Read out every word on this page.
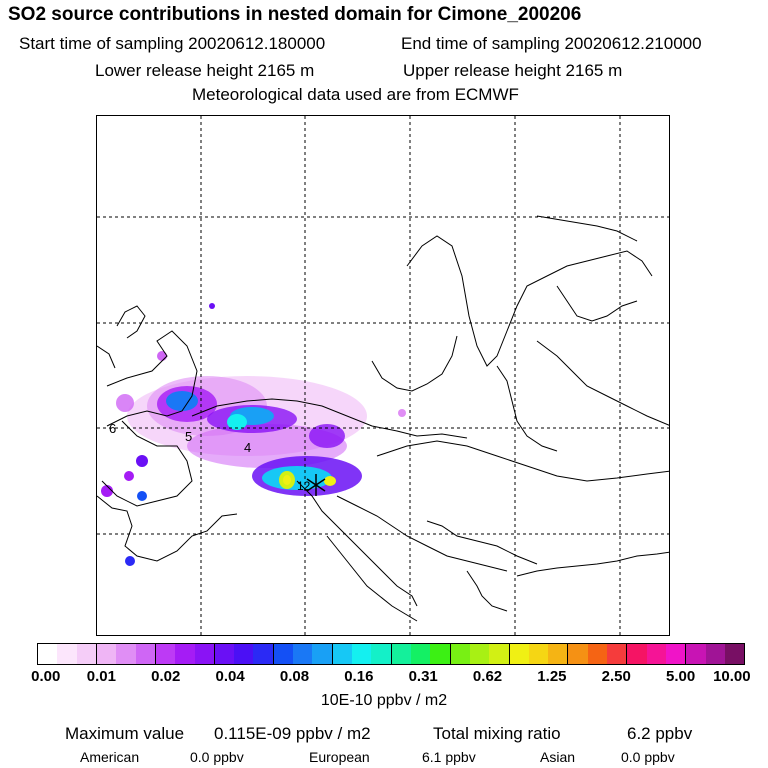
SO2 source contributions in nested domain for Cimone_200206
Start time of sampling 20020612.180000	End time of sampling 20020612.210000
Lower release height 2165 m	Upper release height 2165 m
Meteorological data used are from ECMWF
6
5
4
12
0.00 0.01 0.02 0.04 0.08 0.16 0.31 0.62 1.25 2.50 5.00 10.00
10E-10 ppbv / m2
Maximum value 0.115E-09 ppbv / m2	Total mixing ratio	6.2 ppbv
American	0.0 ppbv	European	6.1 ppbv	Asian	0.0 ppbv
